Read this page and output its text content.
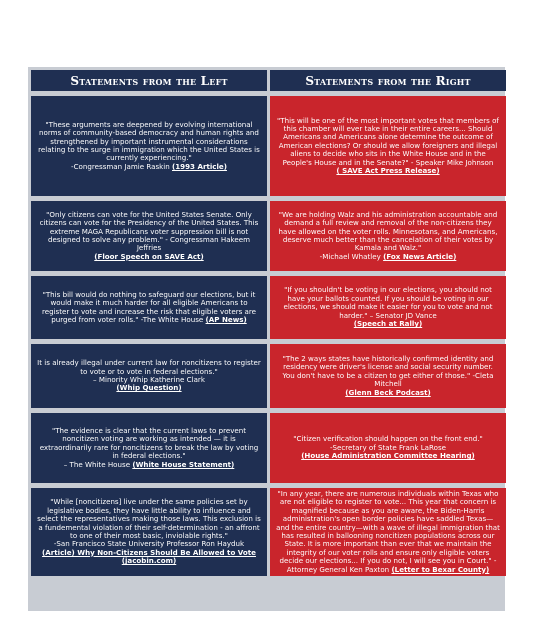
Statements from the Left	Statements from the Right
"These arguments are deepened by evolving international norms of community-based democracy and human rights and strengthened by important instrumental considerations relating to the surge in immigration which the United States is currently experiencing."
-Congressman Jamie Raskin (1993 Article)
"This will be one of the most important votes that members of this chamber will ever take in their entire careers... Should Americans and Americans alone determine the outcome of American elections? Or should we allow foreigners and illegal aliens to decide who sits in the White House and in the People's House and in the Senate?" - Speaker Mike Johnson
( SAVE Act Press Release)
"Only citizens can vote for the United States Senate. Only citizens can vote for the Presidency of the United States. This extreme MAGA Republicans voter suppression bill is not designed to solve any problem." - Congressman Hakeem Jeffries
(Floor Speech on SAVE Act)
"We are holding Walz and his administration accountable and demand a full review and removal of the non-citizens they have allowed on the voter rolls. Minnesotans, and Americans, deserve much better than the cancelation of their votes by Kamala and Walz."
-Michael Whatley (Fox News Article)
"This bill would do nothing to safeguard our elections, but it would make it much harder for all eligible Americans to register to vote and increase the risk that eligible voters are purged from voter rolls." -The White House (AP News)
"If you shouldn't be voting in our elections, you should not have your ballots counted. If you should be voting in our elections, we should make it easier for you to vote and not harder." – Senator JD Vance
(Speech at Rally)
It is already illegal under current law for noncitizens to register to vote or to vote in federal elections."
– Minority Whip Katherine Clark
(Whip Question)
"The 2 ways states have historically confirmed identity and residency were driver's license and social security number. You don't have to be a citizen to get either of those." -Cleta Mitchell
(Glenn Beck Podcast)
"The evidence is clear that the current laws to prevent noncitizen voting are working as intended — it is extraordinarily rare for noncitizens to break the law by voting in federal elections."
– The White House (White House Statement)
"Citizen verification should happen on the front end."
-Secretary of State Frank LaRose
(House Administration Committee Hearing)
"While [noncitizens] live under the same policies set by legislative bodies, they have little ability to influence and select the representatives making those laws. This exclusion is a fundemental violation of their self-determination - an affront to one of their most basic, inviolable rights."
-San Francisco State University Professor Ron Hayduk
(Article) Why Non-Citizens Should Be Allowed to Vote (jacobin.com)
"In any year, there are numerous individuals within Texas who are not eligible to register to vote... This year that concern is magnified because as you are aware, the Biden-Harris administration's open border policies have saddled Texas— and the entire country—with a wave of illegal immigration that has resulted in ballooning noncitizen populations across our State. It is more important than ever that we maintain the integrity of our voter rolls and ensure only eligible voters decide our elections... If you do not, I will see you in Court." - Attorney General Ken Paxton (Letter to Bexar County)
